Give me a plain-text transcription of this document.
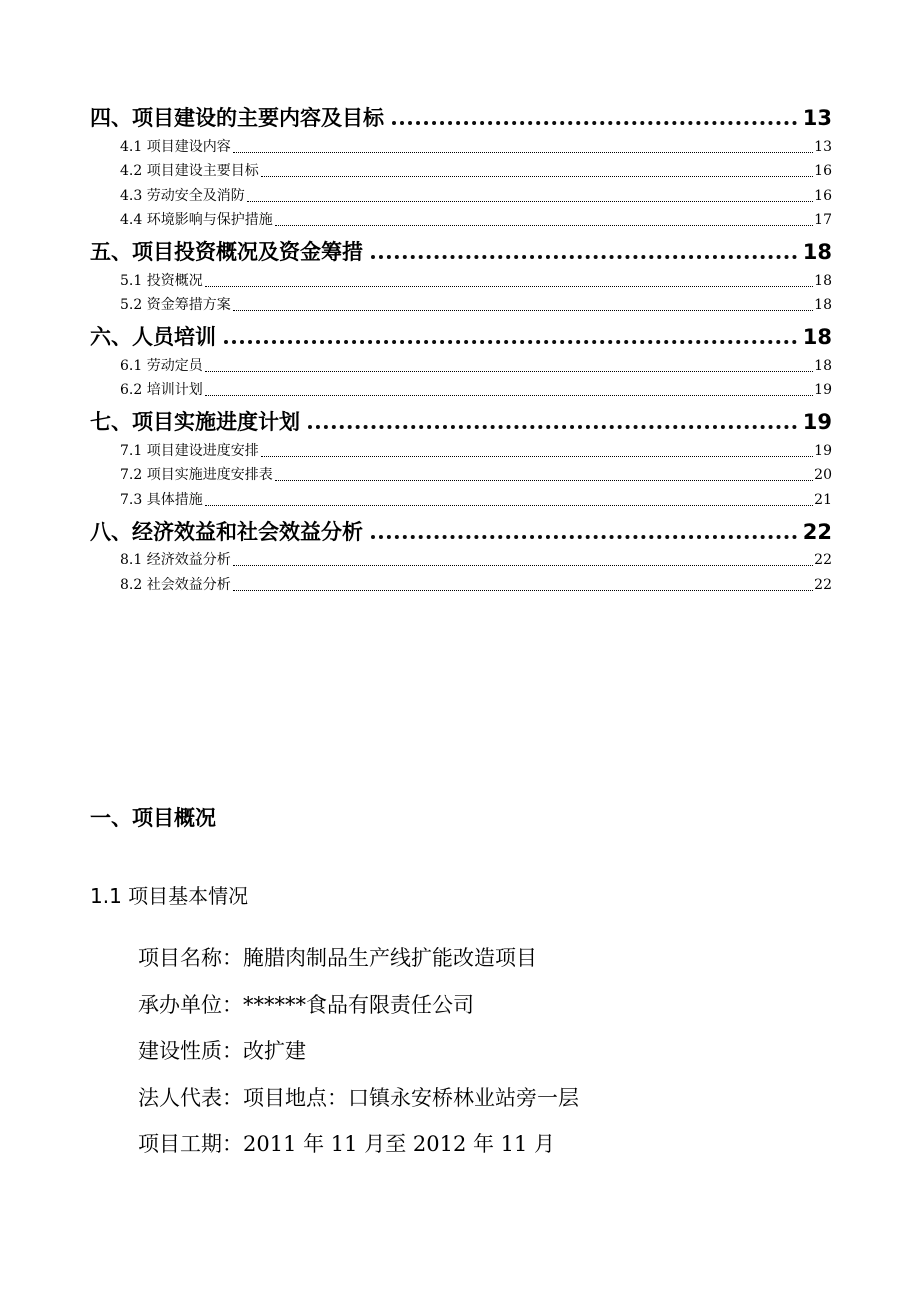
四、项目建设的主要内容及目标	13
4.1 项目建设内容	13
4.2 项目建设主要目标	16
4.3 劳动安全及消防	16
4.4 环境影响与保护措施	17
五、项目投资概况及资金筹措	18
5.1 投资概况	18
5.2 资金筹措方案	18
六、人员培训	18
6.1 劳动定员	18
6.2 培训计划	19
七、项目实施进度计划	19
7.1 项目建设进度安排	19
7.2 项目实施进度安排表	20
7.3 具体措施	21
八、经济效益和社会效益分析	22
8.1 经济效益分析	22
8.2 社会效益分析	22
一、项目概况
1.1 项目基本情况
项目名称：腌腊肉制品生产线扩能改造项目
承办单位：******食品有限责任公司
建设性质：改扩建
法人代表：项目地点：口镇永安桥林业站旁一层
项目工期：2011 年 11 月至 2012 年 11 月
